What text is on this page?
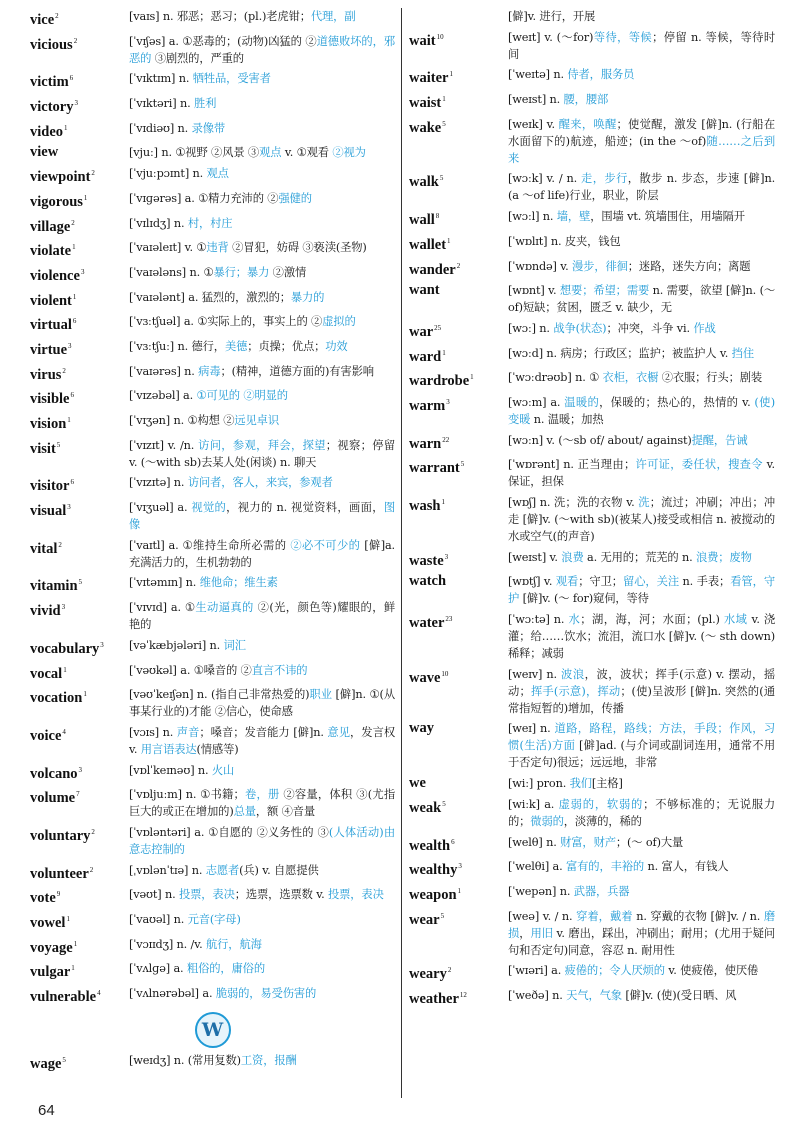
vice$^2$	[vaɪs] n. 邪恶；恶习；(pl.)老虎钳；代理，副
vicious$^2$	[ˈvɪʃəs] a. ①恶毒的；(动物)凶猛的 ②道德败坏的，邪恶的 ③剧烈的，严重的
victim$^6$	[ˈvɪktɪm] n. 牺牲品，受害者
victory$^3$	[ˈvɪktəri] n. 胜利
video$^1$	[ˈvɪdiəʊ] n. 录像带
view	[vjuː] n. ①视野 ②风景 ③观点 v. ①观看 ②视为
viewpoint$^2$	[ˈvjuːpɔɪnt] n. 观点
vigorous$^1$	[ˈvɪɡərəs] a. ①精力充沛的 ②强健的
village$^2$	[ˈvɪlɪdʒ] n. 村，村庄
violate$^1$	[ˈvaɪəleɪt] v. ①违背 ②冒犯，妨碍 ③亵渎(圣物)
violence$^3$	[ˈvaɪələns] n. ①暴行；暴力 ②激情
violent$^1$	[ˈvaɪələnt] a. 猛烈的，激烈的；暴力的
virtual$^6$	[ˈvɜːtʃuəl] a. ①实际上的，事实上的 ②虚拟的
virtue$^3$	[ˈvɜːtʃuː] n. 德行，美德；贞操；优点；功效
virus$^2$	[ˈvaɪərəs] n. 病毒；(精神，道德方面的)有害影响
visible$^6$	[ˈvɪzəbəl] a. ①可见的 ②明显的
vision$^1$	[ˈvɪʒən] n. ①构想 ②远见卓识
visit$^5$	[ˈvɪzɪt] v. /n. 访问，参观，拜会，探望；视察；停留 v. (～with sb)去某人处(闲谈) n. 聊天
visitor$^6$	[ˈvɪzɪtə] n. 访问者，客人，来宾，参观者
visual$^3$	[ˈvɪʒuəl] a. 视觉的，视力的 n. 视觉资料，画面，图像
vital$^2$	[ˈvaɪtl] a. ①维持生命所必需的 ②必不可少的 [僻]a. 充满活力的，生机勃勃的
vitamin$^5$	[ˈvɪtəmɪn] n. 维他命；维生素
vivid$^3$	[ˈvɪvɪd] a. ①生动逼真的 ②(光，颜色等)耀眼的，鲜艳的
vocabulary$^3$	[vəˈkæbjələri] n. 词汇
vocal$^1$	[ˈvəʊkəl] a. ①嗓音的 ②直言不讳的
vocation$^1$	[vəʊˈkeɪʃən] n. (指自己非常热爱的)职业 [僻]n. ①(从事某行业的)才能 ②信心，使命感
voice$^4$	[vɔɪs] n. 声音；嗓音；发音能力 [僻]n. 意见，发言权 v. 用言语表达(情感等)
volcano$^3$	[vɒlˈkeɪnəʊ] n. 火山
volume$^7$	[ˈvɒljuːm] n. ①书籍；卷，册 ②容量，体积 ③(尤指巨大的或正在增加的)总量，额 ④音量
voluntary$^2$	[ˈvɒləntəri] a. ①自愿的 ②义务性的 ③(人体活动)由意志控制的
volunteer$^2$	[ˌvɒlənˈtɪə] n. 志愿者(兵) v. 自愿提供
vote$^9$	[vəʊt] n. 投票，表决；选票，选票数 v. 投票，表决
vowel$^1$	[ˈvaʊəl] n. 元音(字母)
voyage$^1$	[ˈvɔɪɪdʒ] n. /v. 航行，航海
vulgar$^1$	[ˈvʌlɡə] a. 粗俗的，庸俗的
vulnerable$^4$	[ˈvʌlnərəbəl] a. 脆弱的，易受伤害的
W
wage$^5$	[weɪdʒ] n. (常用复数)工资，报酬
[僻]v. 进行，开展
wait$^{10}$	[weɪt] v. (～for)等待，等候；停留 n. 等候，等待时间
waiter$^1$	[ˈweɪtə] n. 侍者，服务员
waist$^1$	[weɪst] n. 腰，腰部
wake$^5$	[weɪk] v. 醒来，唤醒；使觉醒，激发 [僻]n. (行船在水面留下的)航迹，船迹；(in the ～of)随……之后到来
walk$^5$	[wɔːk] v. / n. 走，步行，散步 n. 步态，步速 [僻]n. (a ～of life)行业，职业，阶层
wall$^8$	[wɔːl] n. 墙，壁，围墙 vt. 筑墙围住，用墙隔开
wallet$^1$	[ˈwɒlɪt] n. 皮夹，钱包
wander$^2$	[ˈwɒndə] v. 漫步，徘徊；迷路，迷失方向；离题
want	[wɒnt] v. 想要；希望；需要 n. 需要，欲望 [僻]n. (～of)短缺；贫困，匮乏 v. 缺少，无
war$^{25}$	[wɔː] n. 战争(状态)；冲突，斗争 vi. 作战
ward$^1$	[wɔːd] n. 病房；行政区；监护；被监护人 v. 挡住
wardrobe$^1$	[ˈwɔːdrəʊb] n. ① 衣柜，衣橱 ②衣服；行头；剧装
warm$^3$	[wɔːm] a. 温暖的，保暖的；热心的，热情的 v. (使)变暖 n. 温暖；加热
warn$^{22}$	[wɔːn] v. (～sb of/ about/ against)提醒，告诫
warrant$^5$	[ˈwɒrənt] n. 正当理由；许可证，委任状，搜查令 v. 保证，担保
wash$^1$	[wɒʃ] n. 洗；洗的衣物 v. 洗；流过；冲刷；冲出；冲走 [僻]v. (～with sb)(被某人)接受或相信 n. 被搅动的水或空气(的声音)
waste$^3$	[weɪst] v. 浪费 a. 无用的；荒芜的 n. 浪费；废物
watch	[wɒtʃ] v. 观看；守卫；留心，关注 n. 手表；看管，守护 [僻]v. (～ for)窥伺，等待
water$^{23}$	[ˈwɔːtə] n. 水；湖，海，河；水面；(pl.) 水域 v. 浇灌；给……饮水；流泪，流口水 [僻]v. (～ sth down)稀释；减弱
wave$^{10}$	[weɪv] n. 波浪，波，波状；挥手(示意) v. 摆动，摇动；挥手(示意)，挥动；(使)呈波形 [僻]n. 突然的(通常指短暂的)增加，传播
way	[weɪ] n. 道路，路程，路线；方法，手段；作风，习惯(生活)方面 [僻]ad. (与介词或副词连用，通常不用于否定句)很远；远远地，非常
we	[wiː] pron. 我们[主格]
weak$^5$	[wiːk] a. 虚弱的，软弱的；不够标准的；无说服力的；微弱的，淡薄的，稀的
wealth$^6$	[welθ] n. 财富，财产；(～ of)大量
wealthy$^3$	[ˈwelθi] a. 富有的，丰裕的 n. 富人，有钱人
weapon$^1$	[ˈwepən] n. 武器，兵器
wear$^5$	[weə] v. / n. 穿着，戴着 n. 穿戴的衣物 [僻]v. / n. 磨损，用旧 v. 磨出，踩出，冲刷出；耐用；(尤用于疑问句和否定句)同意，容忍 n. 耐用性
weary$^2$	[ˈwɪəri] a. 疲倦的；令人厌烦的 v. 使疲倦，使厌倦
weather$^{12}$	[ˈweðə] n. 天气，气象 [僻]v. (使)(受日晒、风
64
